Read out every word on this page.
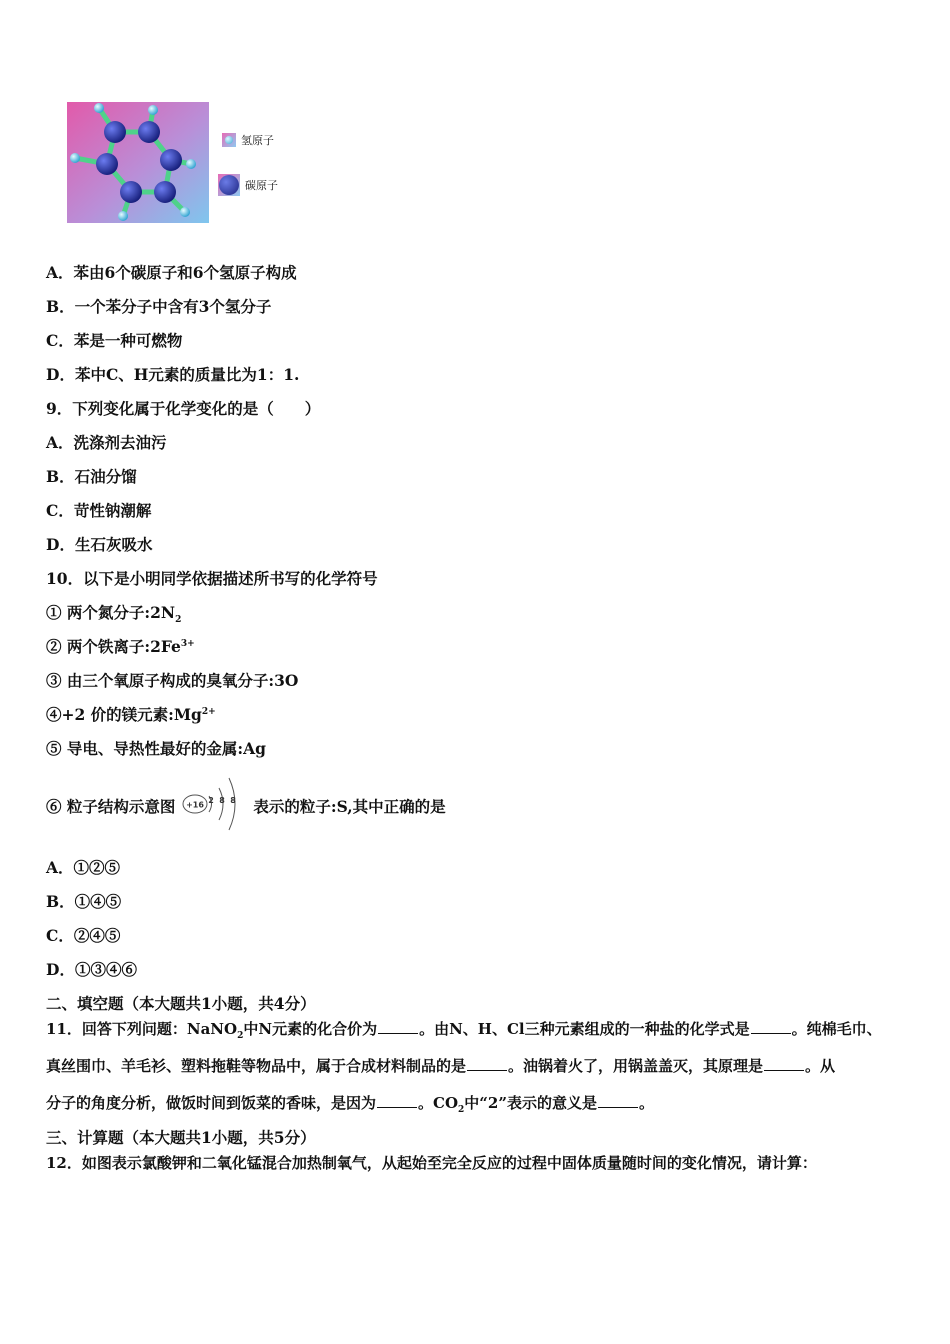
氢原子
碳原子
A．苯由6个碳原子和6个氢原子构成
B．一个苯分子中含有3个氢分子
C．苯是一种可燃物
D．苯中C、H元素的质量比为1：1.
9．下列变化属于化学变化的是（　　）
A．洗涤剂去油污
B．石油分馏
C．苛性钠潮解
D．生石灰吸水
10．以下是小明同学依据描述所书写的化学符号
① 两个氮分子$:2N_2$
② 两个铁离子$:2Fe^{3+}$
③ 由三个氧原子构成的臭氧分子:3O
④+2 价的镁元素$:Mg^{2+}$
⑤ 导电、导热性最好的金属:Ag
⑥ 粒子结构示意图 +16 2 8 8 表示的粒子:S,其中正确的是
A．①②⑤
B．①④⑤
C．②④⑤
D．①③④⑥
二、填空题（本大题共1小题，共4分）
11．回答下列问题：NaNO$_2$中N元素的化合价为	。由N、H、Cl三种元素组成的一种盐的化学式是	。纯棉毛巾、
真丝围巾、羊毛衫、塑料拖鞋等物品中，属于合成材料制品的是	。油锅着火了，用锅盖盖灭，其原理是	。从
分子的角度分析，做饭时间到饭菜的香味，是因为	。$CO_2$中“2”表示的意义是	。
三、计算题（本大题共1小题，共5分）
12．如图表示氯酸钾和二氧化锰混合加热制氧气，从起始至完全反应的过程中固体质量随时间的变化情况，请计算：
